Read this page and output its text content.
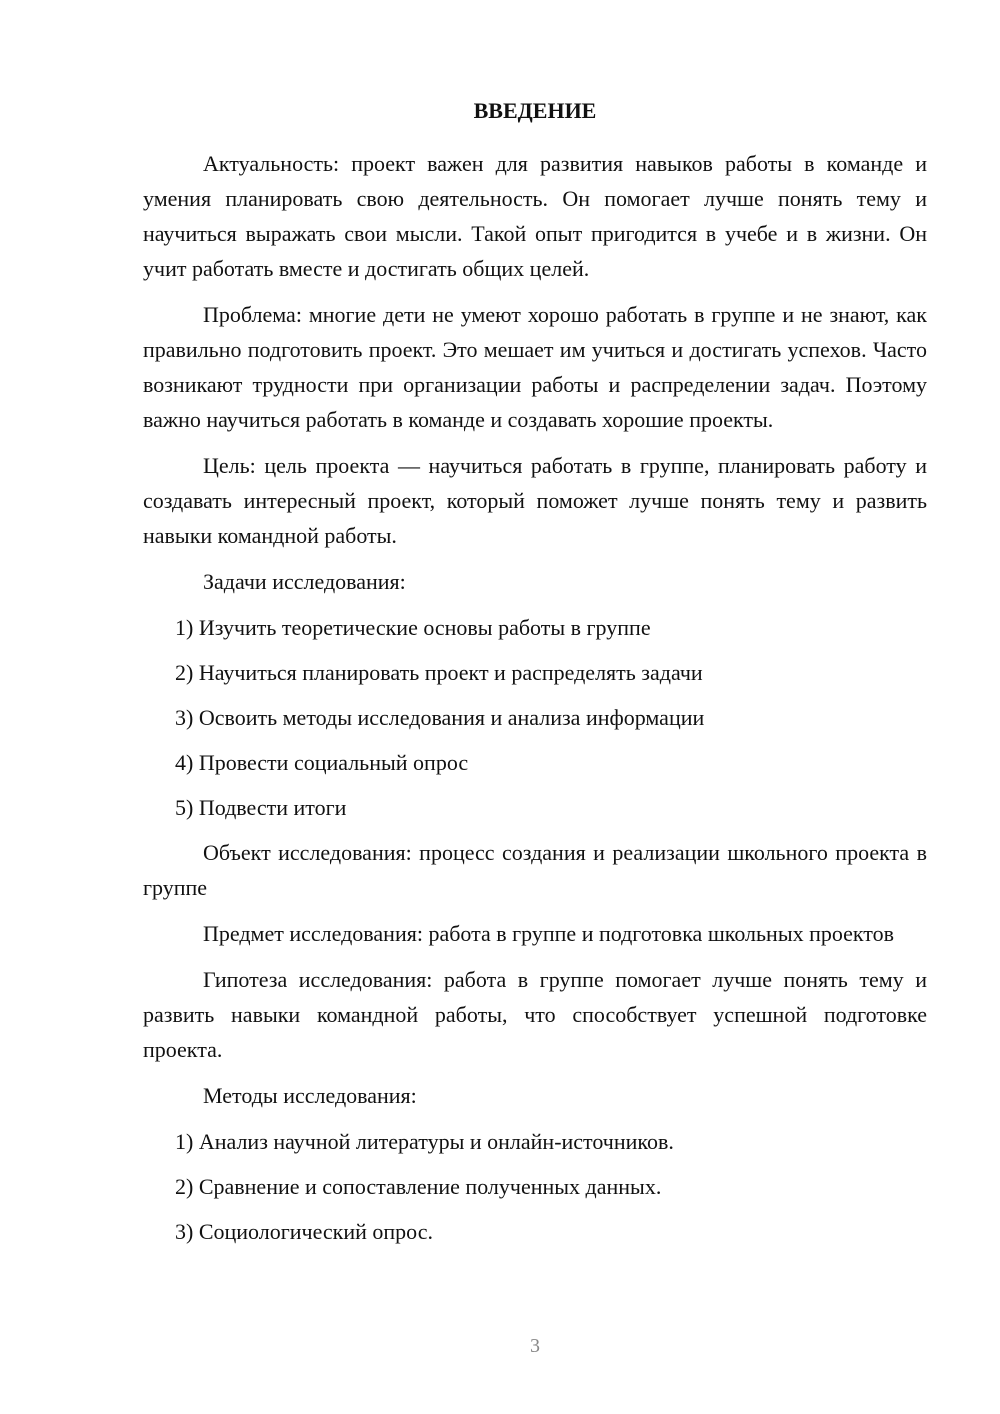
ВВЕДЕНИЕ

Актуальность: проект важен для развития навыков работы в команде и умения планировать свою деятельность. Он помогает лучше понять тему и научиться выражать свои мысли. Такой опыт пригодится в учебе и в жизни. Он учит работать вместе и достигать общих целей.

Проблема: многие дети не умеют хорошо работать в группе и не знают, как правильно подготовить проект. Это мешает им учиться и достигать успехов. Часто возникают трудности при организации работы и распределении задач. Поэтому важно научиться работать в команде и создавать хорошие проекты.

Цель: цель проекта — научиться работать в группе, планировать работу и создавать интересный проект, который поможет лучше понять тему и развить навыки командной работы.

Задачи исследования:

1) Изучить теоретические основы работы в группе
2) Научиться планировать проект и распределять задачи
3) Освоить методы исследования и анализа информации
4) Провести социальный опрос
5) Подвести итоги

Объект исследования: процесс создания и реализации школьного проекта в группе

Предмет исследования: работа в группе и подготовка школьных проектов

Гипотеза исследования: работа в группе помогает лучше понять тему и развить навыки командной работы, что способствует успешной подготовке проекта.

Методы исследования:

1) Анализ научной литературы и онлайн-источников.
2) Сравнение и сопоставление полученных данных.
3) Социологический опрос.
3
